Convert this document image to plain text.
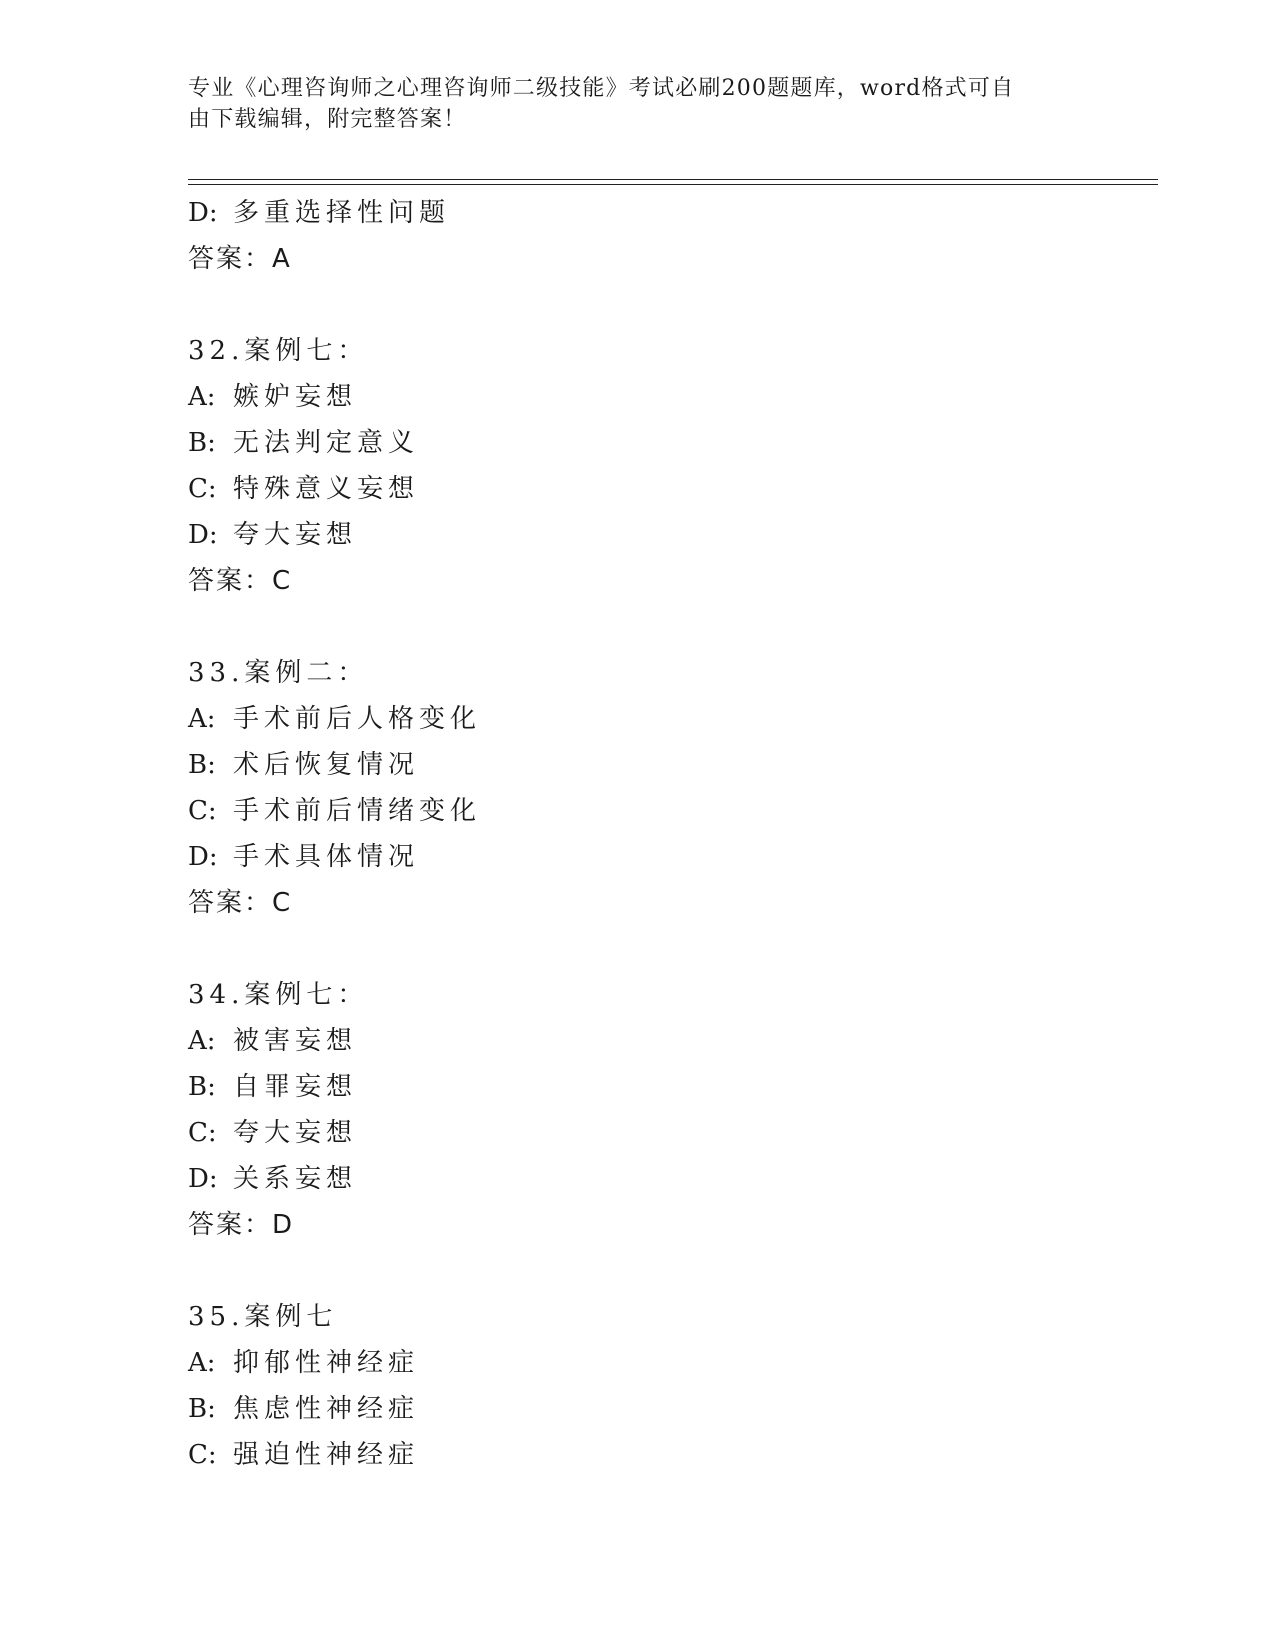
专业《心理咨询师之心理咨询师二级技能》考试必刷200题题库，word格式可自
由下载编辑，附完整答案！
D: 多重选择性问题
答案：A
32.案例七：
A: 嫉妒妄想
B: 无法判定意义
C: 特殊意义妄想
D: 夸大妄想
答案：C
33.案例二：
A: 手术前后人格变化
B: 术后恢复情况
C: 手术前后情绪变化
D: 手术具体情况
答案：C
34.案例七：
A: 被害妄想
B: 自罪妄想
C: 夸大妄想
D: 关系妄想
答案：D
35.案例七
A: 抑郁性神经症
B: 焦虑性神经症
C: 强迫性神经症
